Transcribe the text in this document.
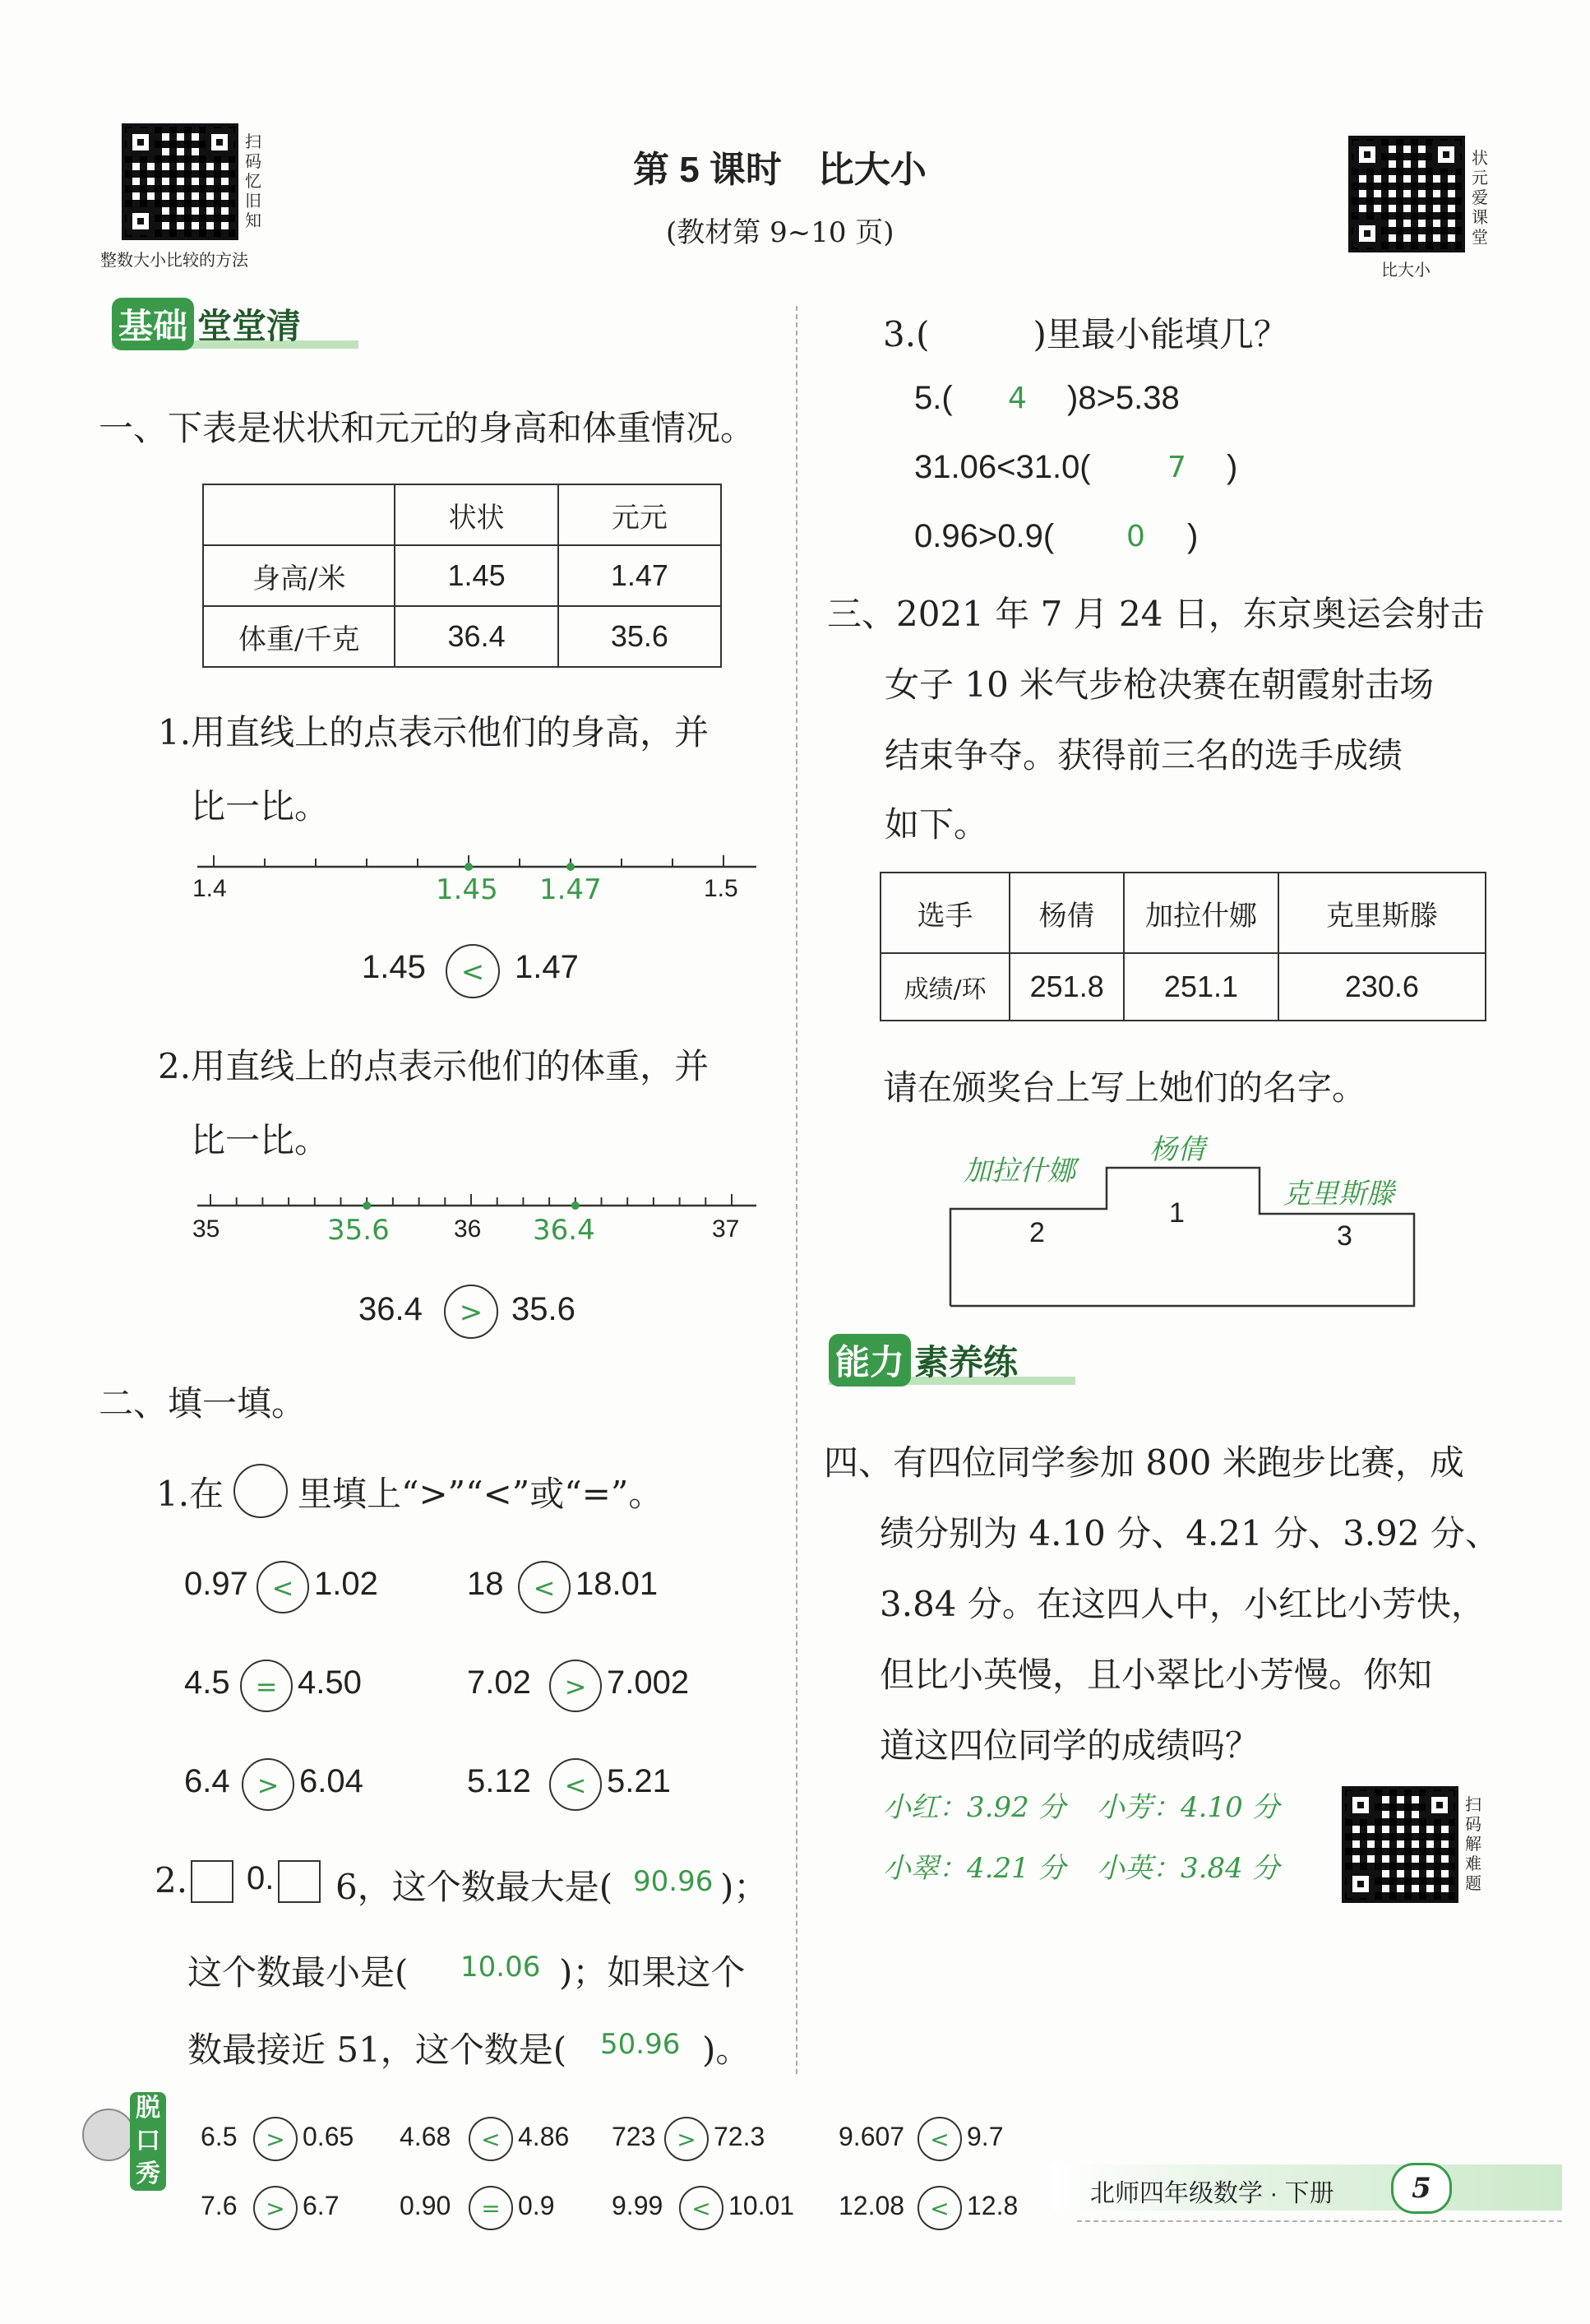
扫码忆旧知
整数大小比较的方法
第 5 课时　比大小
(教材第 9~10 页)
状元爱课堂
比大小
基础 堂堂清
一、下表是状状和元元的身高和体重情况。
	状状	元元
身高/米	1.45	1.47
体重/千克	36.4	35.6
1.用直线上的点表示他们的身高，并
比一比。
1.4	1.5
1.45 1.47
1.45	< 1.47
2.用直线上的点表示他们的体重，并
比一比。
35	36	37
35.6	36.4
36.4	> 35.6
二、填一填。
1.在 里填上“>”“<”或“=”。
0.97 < 1.02	18	< 18.01
4.5 = 4.50	7.02	> 7.002
6.4	> 6.04	5.12	< 5.21
2. 0. 6，这个数最大是( 90.96 )；
这个数最小是( 10.06 )；如果这个
数最接近 51，这个数是( 50.96 )。
3.(　　　)里最小能填几？
5.( 4 )8>5.38
31.06<31.0(	7 )
0.96>0.9( 0 )
三、2021 年 7 月 24 日，东京奥运会射击
女子 10 米气步枪决赛在朝霞射击场
结束争夺。获得前三名的选手成绩
如下。
选手	杨倩	加拉什娜	克里斯滕
成绩/环	251.8	251.1	230.6
请在颁奖台上写上她们的名字。
2
1
3
加拉什娜
杨倩
克里斯滕
能力 素养练
四、有四位同学参加 800 米跑步比赛，成
绩分别为 4.10 分、4.21 分、3.92 分、
3.84 分。在这四人中，小红比小芳快，
但比小英慢，且小翠比小芳慢。你知
道这四位同学的成绩吗？
小红：3.92 分 小芳：4.10 分
小翠：4.21 分 小英：3.84 分
扫码解难题
脱
口
秀
6.5	> 0.65 4.68	< 4.86 723 > 72.3	9.607	< 9.7
7.6	> 6.7 0.90	= 0.9 9.99	< 10.01 12.08	< 12.8	北师四年级数学 · 下册	5
